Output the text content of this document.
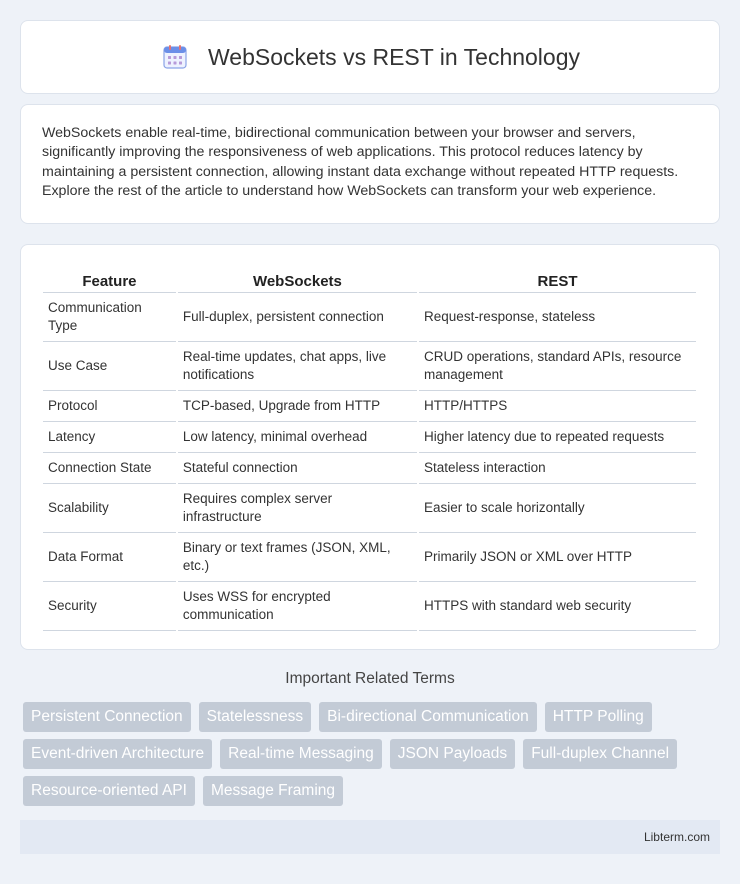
WebSockets vs REST in Technology

WebSockets enable real-time, bidirectional communication between your browser and servers, significantly improving the responsiveness of web applications. This protocol reduces latency by maintaining a persistent connection, allowing instant data exchange without repeated HTTP requests. Explore the rest of the article to understand how WebSockets can transform your web experience.

Feature	WebSockets	REST
Communication Type	Full-duplex, persistent connection	Request-response, stateless
Use Case	Real-time updates, chat apps, live notifications	CRUD operations, standard APIs, resource management
Protocol	TCP-based, Upgrade from HTTP	HTTP/HTTPS
Latency	Low latency, minimal overhead	Higher latency due to repeated requests
Connection State	Stateful connection	Stateless interaction
Scalability	Requires complex server infrastructure	Easier to scale horizontally
Data Format	Binary or text frames (JSON, XML, etc.)	Primarily JSON or XML over HTTP
Security	Uses WSS for encrypted communication	HTTPS with standard web security
Important Related Terms
Persistent Connection	Statelessness	Bi-directional Communication	HTTP Polling
Event-driven Architecture	Real-time Messaging	JSON Payloads	Full-duplex Channel
Resource-oriented API	Message Framing
Libterm.com
